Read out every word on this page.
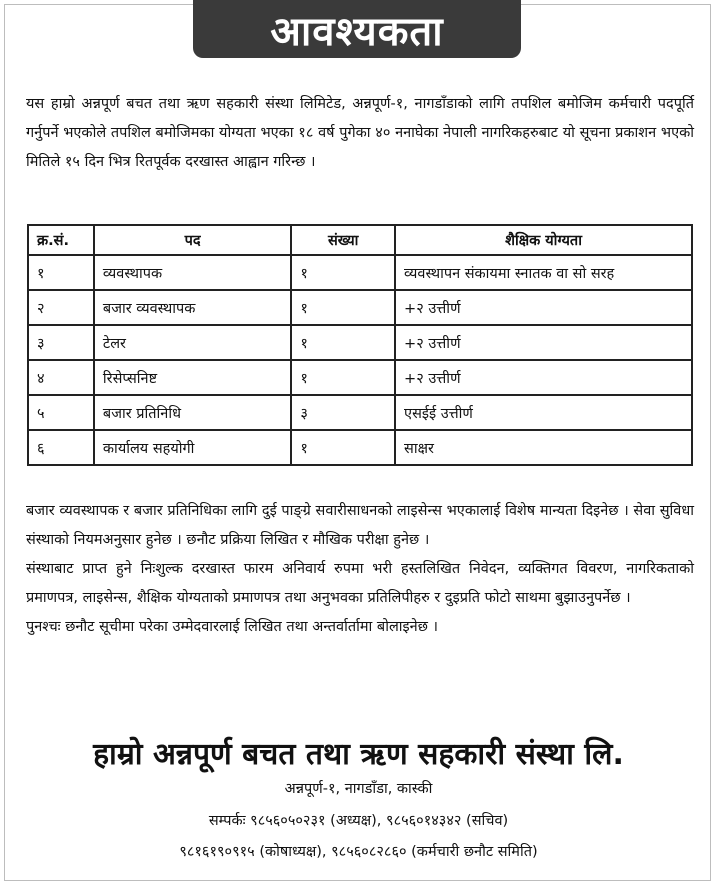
आवश्यकता
यस हाम्रो अन्नपूर्ण बचत तथा ऋण सहकारी संस्था लिमिटेड, अन्नपूर्ण-१, नागडाँडाको लागि तपशिल बमोजिम कर्मचारी पदपूर्ति गर्नुपर्ने भएकोले तपशिल बमोजिमका योग्यता भएका १८ वर्ष पुगेका ४० ननाघेका नेपाली नागरिकहरुबाट यो सूचना प्रकाशन भएको मितिले १५ दिन भित्र रितपूर्वक दरखास्त आह्वान गरिन्छ ।
क्र.सं.	पद	संख्या	शैक्षिक योग्यता
१	व्यवस्थापक	१	व्यवस्थापन संकायमा स्नातक वा सो सरह
२	बजार व्यवस्थापक	१	+२ उत्तीर्ण
३	टेलर	१	+२ उत्तीर्ण
४	रिसेप्सनिष्ट	१	+२ उत्तीर्ण
५	बजार प्रतिनिधि	३	एसईई उत्तीर्ण
६	कार्यालय सहयोगी	१	साक्षर

बजार व्यवस्थापक र बजार प्रतिनिधिका लागि दुई पाङ्ग्रे सवारीसाधनको लाइसेन्स भएकालाई विशेष मान्यता दिइनेछ । सेवा सुविधा संस्थाको नियमअनुसार हुनेछ । छनौट प्रक्रिया लिखित र मौखिक परीक्षा हुनेछ ।

संस्थाबाट प्राप्त हुने निःशुल्क दरखास्त फारम अनिवार्य रुपमा भरी हस्तलिखित निवेदन, व्यक्तिगत विवरण, नागरिकताको प्रमाणपत्र, लाइसेन्स, शैक्षिक योग्यताको प्रमाणपत्र तथा अनुभवका प्रतिलिपीहरु र दुइप्रति फोटो साथमा बुझाउनुपर्नेछ ।

पुनश्चः छनौट सूचीमा परेका उम्मेदवारलाई लिखित तथा अन्तर्वार्तामा बोलाइनेछ ।

हाम्रो अन्नपूर्ण बचत तथा ऋण सहकारी संस्था लि.
अन्नपूर्ण-१, नागडाँडा, कास्की
सम्पर्कः ९८५६०५०२३१ (अध्यक्ष), ९८५६०१४३४२ (सचिव)
९८१६१९०९१५ (कोषाध्यक्ष), ९८५६०८२८६० (कर्मचारी छनौट समिति)
